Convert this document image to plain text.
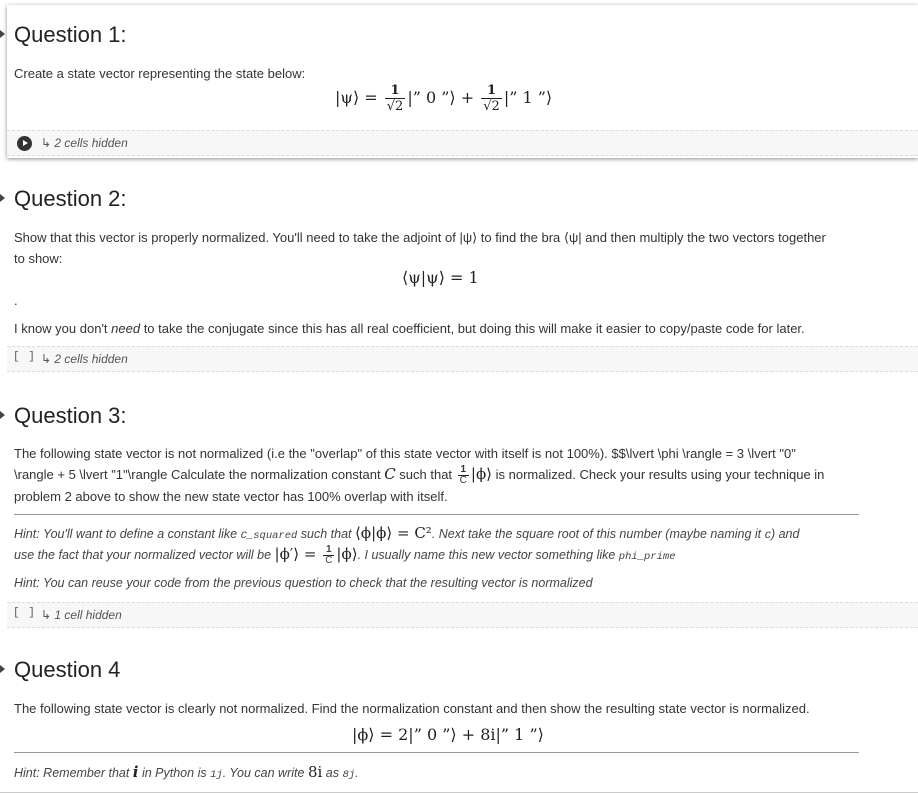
Question 1:
Create a state vector representing the state below:
|ψ⟩ = $\frac{1}{√2}$ |” 0 ”⟩ + $\frac{1}{√2}$ |” 1 ”⟩
↳ 2 cells hidden
Question 2:
Show that this vector is properly normalized. You'll need to take the adjoint of |ψ⟩ to find the bra ⟨ψ| and then multiply the two vectors together
to show:
⟨ψ|ψ⟩ = 1
.
I know you don't need to take the conjugate since this has all real coefficient, but doing this will make it easier to copy/paste code for later.
[ ] ↳ 2 cells hidden
Question 3:
The following state vector is not normalized (i.e the "overlap" of this state vector with itself is not 100%). $$\lvert \phi \rangle = 3 \lvert "0"
\rangle + 5 \lvert "1"\rangle Calculate the normalization constant C such that $\frac{1}{C}$ |ϕ⟩ is normalized. Check your results using your technique in
problem 2 above to show the new state vector has 100% overlap with itself.
Hint: You'll want to define a constant like C_squared such that ⟨ϕ|ϕ⟩ = C². Next take the square root of this number (maybe naming it C) and
use the fact that your normalized vector will be |ϕ′⟩ = $\frac{1}{C}$ |ϕ⟩. I usually name this new vector something like phi_prime
Hint: You can reuse your code from the previous question to check that the resulting vector is normalized
[ ] ↳ 1 cell hidden
Question 4
The following state vector is clearly not normalized. Find the normalization constant and then show the resulting state vector is normalized.
|ϕ⟩ = 2|” 0 ”⟩ + 8i|” 1 ”⟩
Hint: Remember that i in Python is 1j. You can write 8i as 8j.
